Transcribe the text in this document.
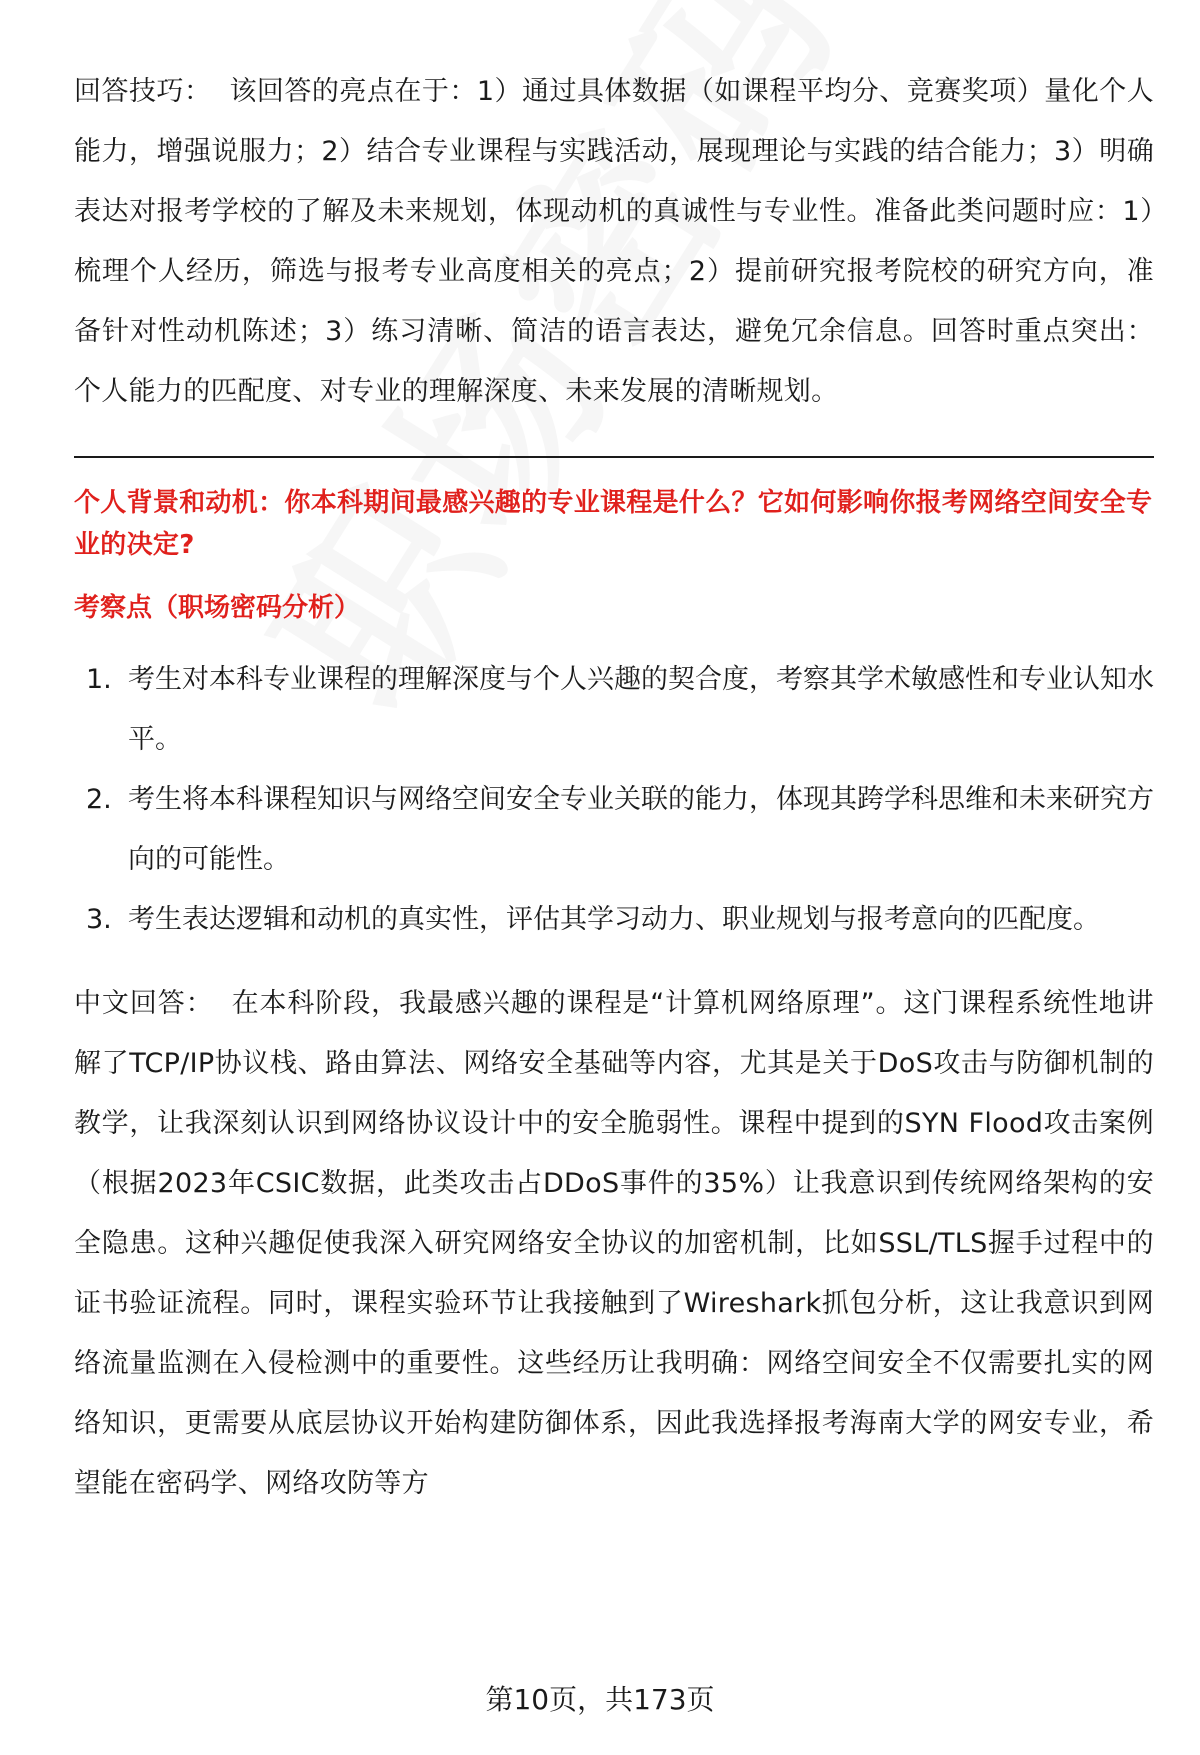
回答技巧： 该回答的亮点在于：1）通过具体数据（如课程平均分、竞赛奖项）量化个人能力，增强说服力；2）结合专业课程与实践活动，展现理论与实践的结合能力；3）明确表达对报考学校的了解及未来规划，体现动机的真诚性与专业性。准备此类问题时应：1）梳理个人经历，筛选与报考专业高度相关的亮点；2）提前研究报考院校的研究方向，准备针对性动机陈述；3）练习清晰、简洁的语言表达，避免冗余信息。回答时重点突出：个人能力的匹配度、对专业的理解深度、未来发展的清晰规划。

个人背景和动机：你本科期间最感兴趣的专业课程是什么？它如何影响你报考网络空间安全专业的决定?

考察点（职场密码分析）

1. 考生对本科专业课程的理解深度与个人兴趣的契合度，考察其学术敏感性和专业认知水平。
2. 考生将本科课程知识与网络空间安全专业关联的能力，体现其跨学科思维和未来研究方向的可能性。
3. 考生表达逻辑和动机的真实性，评估其学习动力、职业规划与报考意向的匹配度。

中文回答： 在本科阶段，我最感兴趣的课程是“计算机网络原理”。这门课程系统性地讲解了TCP/IP协议栈、路由算法、网络安全基础等内容，尤其是关于DoS攻击与防御机制的教学，让我深刻认识到网络协议设计中的安全脆弱性。课程中提到的SYN Flood攻击案例（根据2023年CSIC数据，此类攻击占DDoS事件的35%）让我意识到传统网络架构的安全隐患。这种兴趣促使我深入研究网络安全协议的加密机制，比如SSL/TLS握手过程中的证书验证流程。同时，课程实验环节让我接触到了Wireshark抓包分析，这让我意识到网络流量监测在入侵检测中的重要性。这些经历让我明确：网络空间安全不仅需要扎实的网络知识，更需要从底层协议开始构建防御体系，因此我选择报考海南大学的网安专业，希望能在密码学、网络攻防等方

第10页，共173页
